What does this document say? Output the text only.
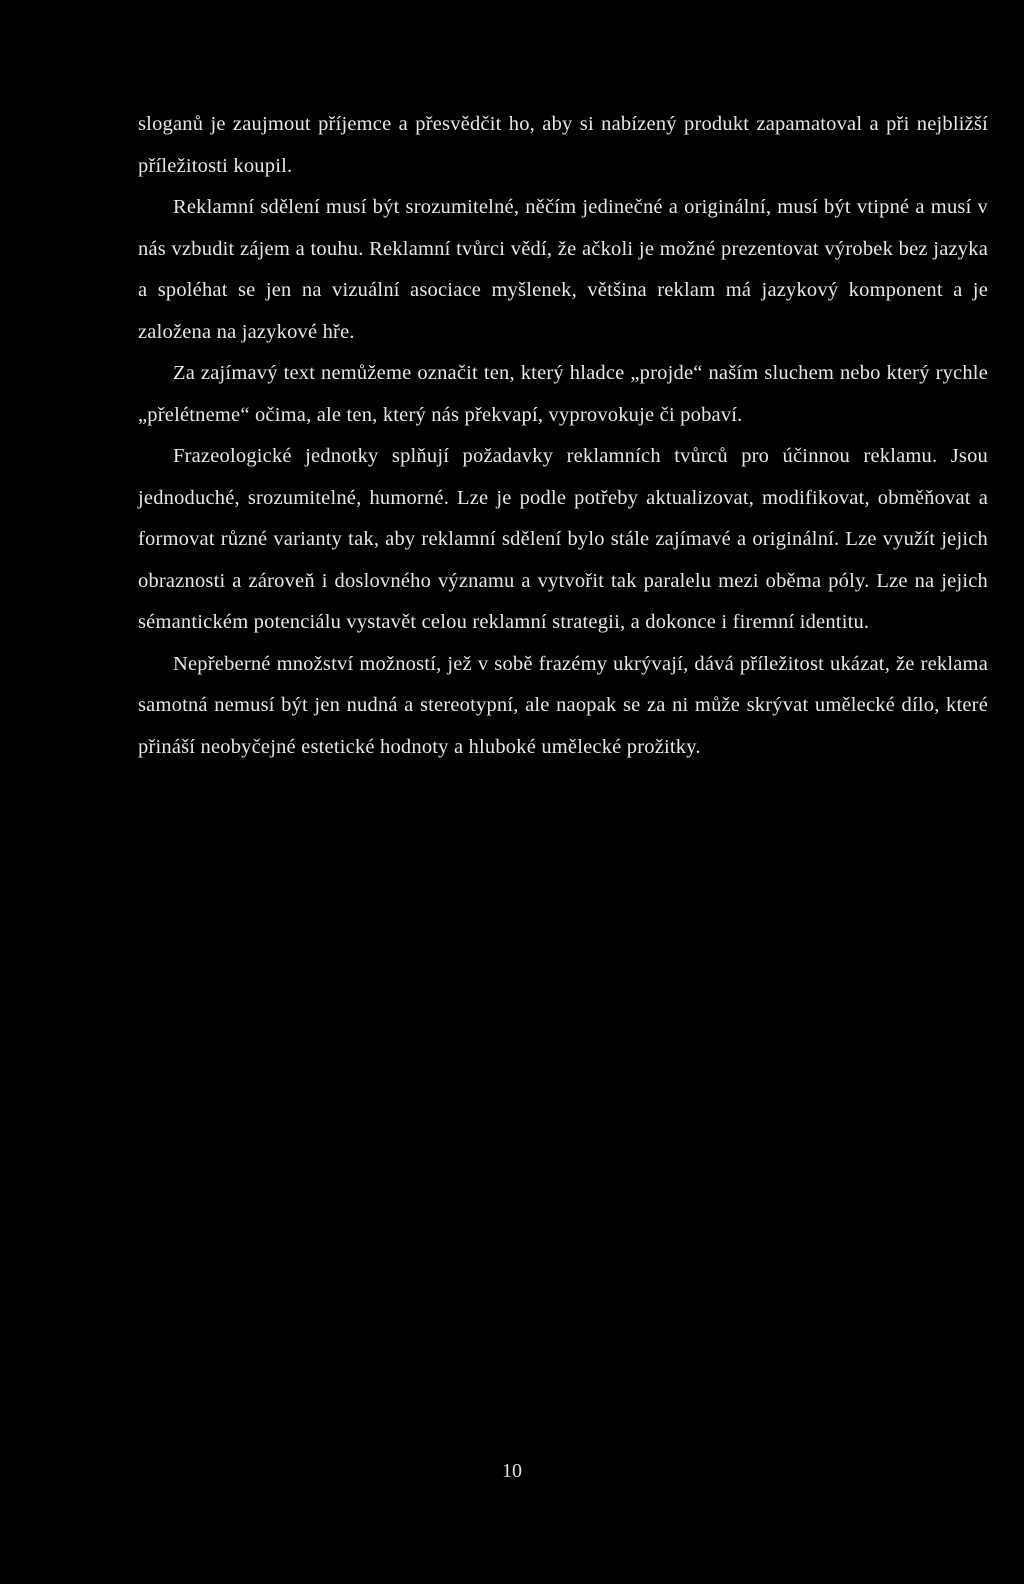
sloganů je zaujmout příjemce a přesvědčit ho, aby si nabízený produkt zapamatoval a při nejbližší příležitosti koupil.

Reklamní sdělení musí být srozumitelné, něčím jedinečné a originální, musí být vtipné a musí v nás vzbudit zájem a touhu. Reklamní tvůrci vědí, že ačkoli je možné prezentovat výrobek bez jazyka a spoléhat se jen na vizuální asociace myšlenek, většina reklam má jazykový komponent a je založena na jazykové hře.

Za zajímavý text nemůžeme označit ten, který hladce „projde“ naším sluchem nebo který rychle „přelétneme“ očima, ale ten, který nás překvapí, vyprovokuje či pobaví.

Frazeologické jednotky splňují požadavky reklamních tvůrců pro účinnou reklamu. Jsou jednoduché, srozumitelné, humorné. Lze je podle potřeby aktualizovat, modifikovat, obměňovat a formovat různé varianty tak, aby reklamní sdělení bylo stále zajímavé a originální. Lze využít jejich obraznosti a zároveň i doslovného významu a vytvořit tak paralelu mezi oběma póly. Lze na jejich sémantickém potenciálu vystavět celou reklamní strategii, a dokonce i firemní identitu.

Nepřeberné množství možností, jež v sobě frazémy ukrývají, dává příležitost ukázat, že reklama samotná nemusí být jen nudná a stereotypní, ale naopak se za ni může skrývat umělecké dílo, které přináší neobyčejné estetické hodnoty a hluboké umělecké prožitky.

10
